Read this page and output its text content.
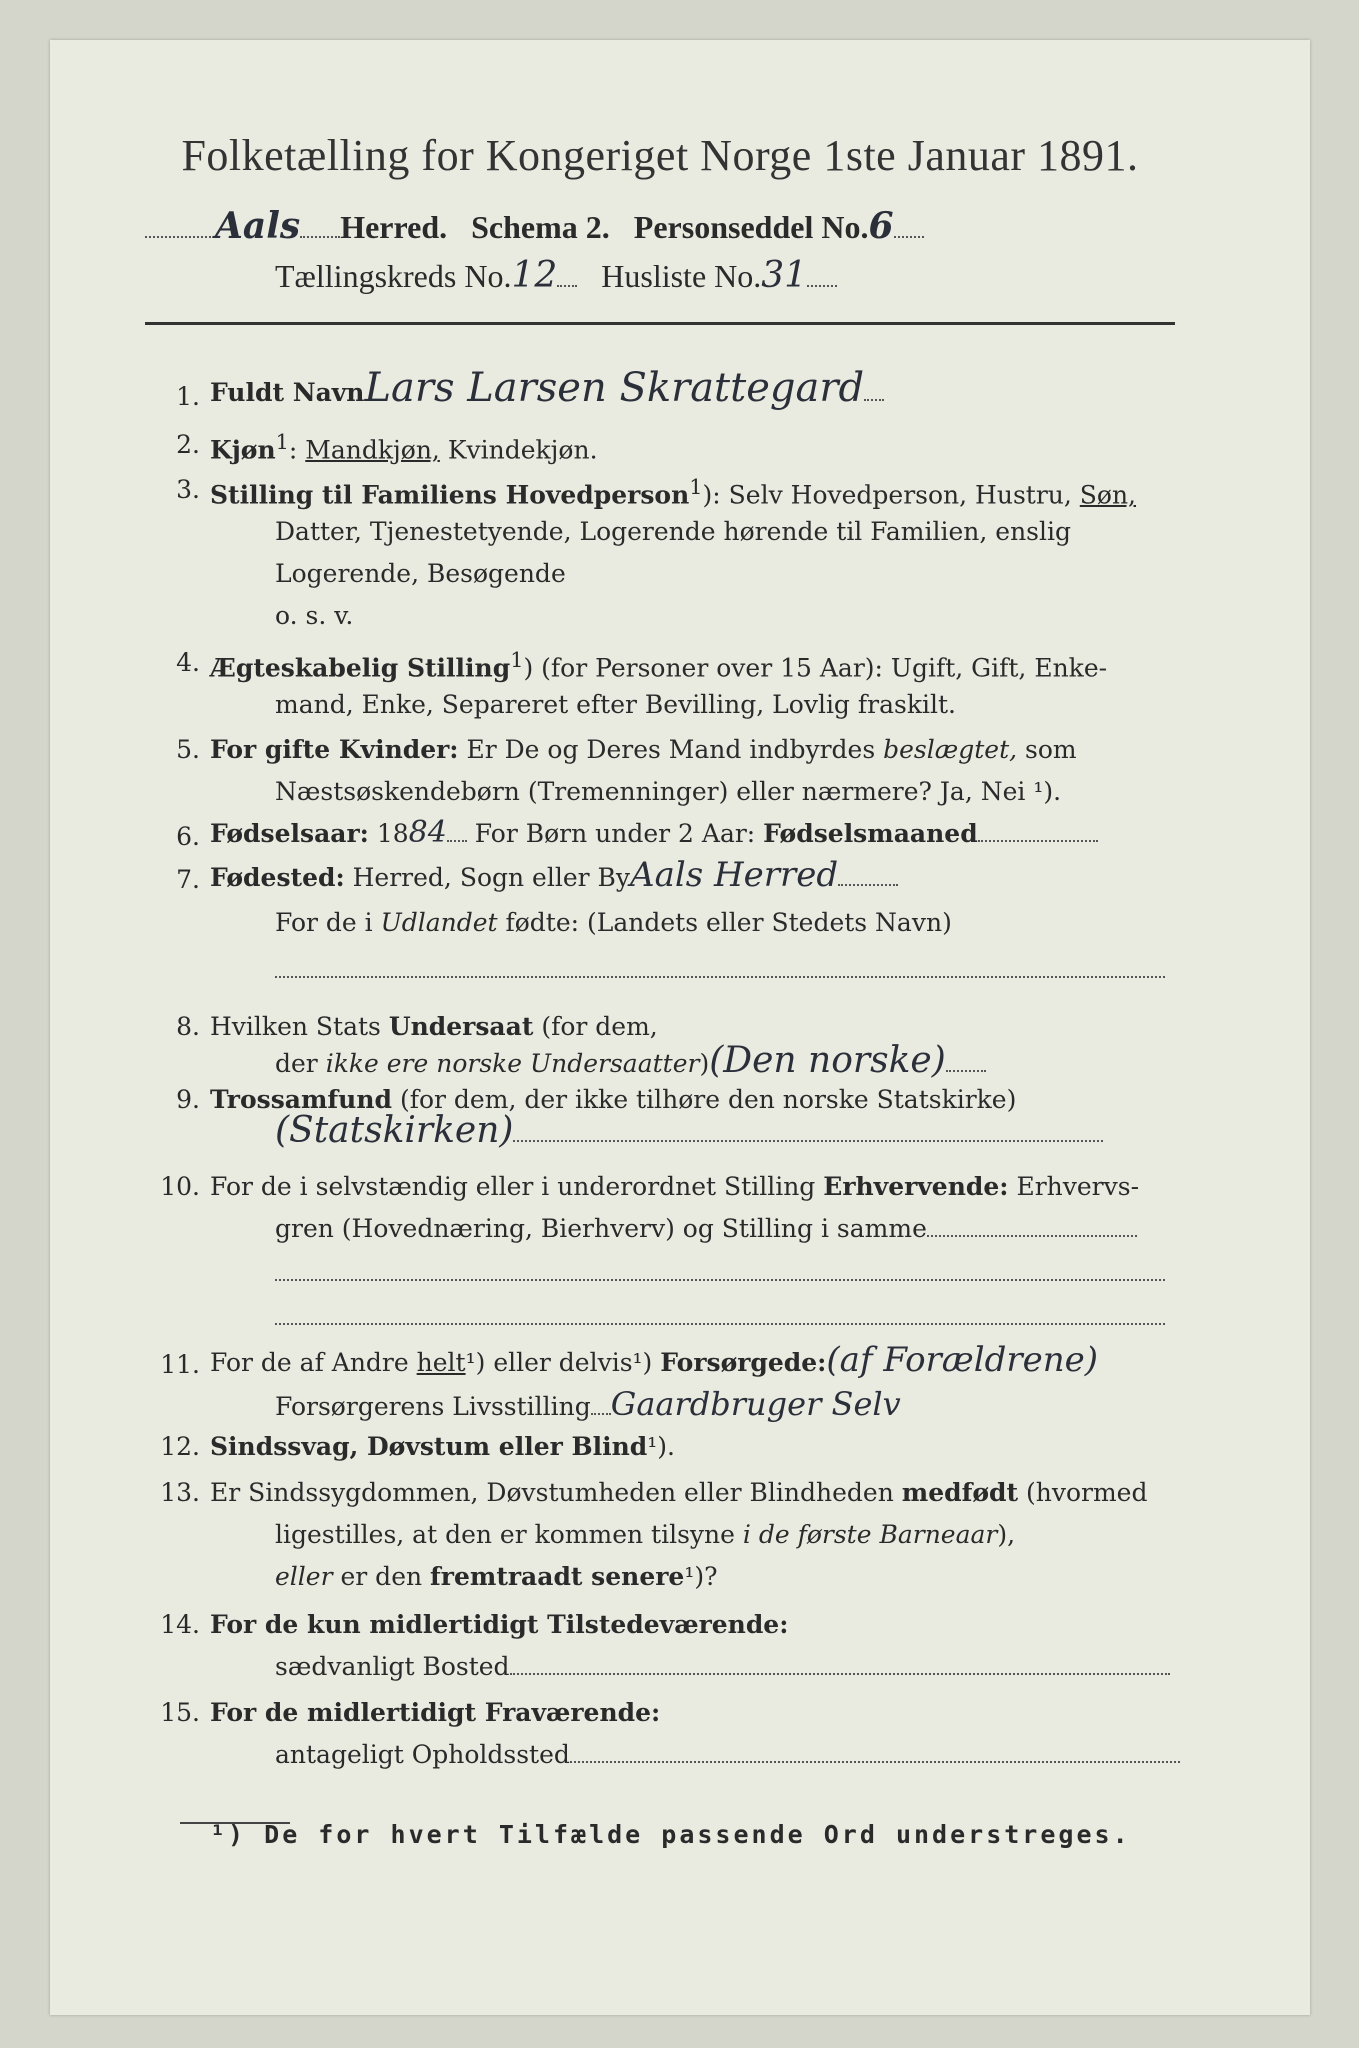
Folketælling for Kongeriget Norge 1ste Januar 1891.
Aals Herred. Schema 2. Personseddel No.6
Tællingskreds No.12 Husliste No.31
1. Fuldt NavnLars Larsen Skrattegard
2. Kjøn$^1$: Mandkjøn, Kvindekjøn.
3. Stilling til Familiens Hovedperson$^1$): Selv Hovedperson, Hustru, Søn,
Datter, Tjenestetyende, Logerende hørende til Familien, enslig
Logerende, Besøgende
o. s. v.
4. Ægteskabelig Stilling$^1$) (for Personer over 15 Aar): Ugift, Gift, Enke-
mand, Enke, Separeret efter Bevilling, Lovlig fraskilt.
5. For gifte Kvinder: Er De og Deres Mand indbyrdes beslægtet, som
Næstsøskendebørn (Tremenninger) eller nærmere? Ja, Nei ¹).
6. Fødselsaar: 1884 For Børn under 2 Aar: Fødselsmaaned
7. Fødested: Herred, Sogn eller ByAals Herred
For de i Udlandet fødte: (Landets eller Stedets Navn)
8. Hvilken Stats Undersaat (for dem,
der ikke ere norske Undersaatter)(Den norske)
9. Trossamfund (for dem, der ikke tilhøre den norske Statskirke)
(Statskirken)
10. For de i selvstændig eller i underordnet Stilling Erhvervende: Erhvervs-
gren (Hovednæring, Bierhverv) og Stilling i samme
11. For de af Andre helt¹) eller delvis¹) Forsørgede:(af Forældrene)
Forsørgerens Livsstilling Gaardbruger Selv
12. Sindssvag, Døvstum eller Blind¹).
13. Er Sindssygdommen, Døvstumheden eller Blindheden medfødt (hvormed
ligestilles, at den er kommen tilsyne i de første Barneaar),
eller er den fremtraadt senere¹)?
14. For de kun midlertidigt Tilstedeværende:
sædvanligt Bosted
15. For de midlertidigt Fraværende:
antageligt Opholdssted
¹) De for hvert Tilfælde passende Ord understreges.
